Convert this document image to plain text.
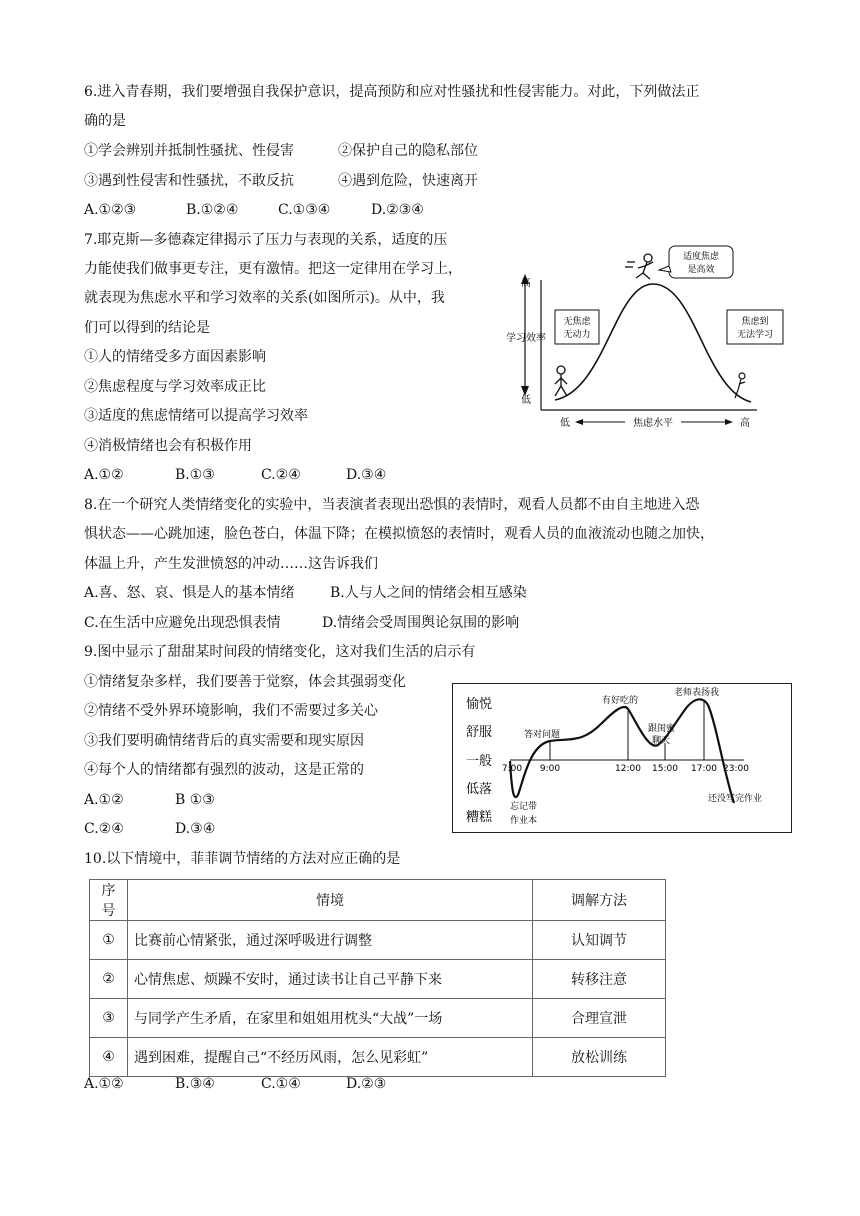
6.进入青春期，我们要增强自我保护意识，提高预防和应对性骚扰和性侵害能力。对此，下列做法正
确的是
①学会辨别并抵制性骚扰、性侵害	②保护自己的隐私部位
③遇到性侵害和性骚扰，不敢反抗	④遇到危险，快速离开
A.①②③	B.①②④	C.①③④	D.②③④
7.耶克斯—多德森定律揭示了压力与表现的关系，适度的压
力能使我们做事更专注，更有激情。把这一定律用在学习上，
就表现为焦虑水平和学习效率的关系(如图所示)。从中，我
们可以得到的结论是
①人的情绪受多方面因素影响
②焦虑程度与学习效率成正比
③适度的焦虑情绪可以提高学习效率
④消极情绪也会有积极作用
A.①②	B.①③	C.②④	D.③④
高
学习效率
低
低	焦虑水平	高
无焦虑
无动力
焦虑到
无法学习
适度焦虑
是高效
8.在一个研究人类情绪变化的实验中，当表演者表现出恐惧的表情时，观看人员都不由自主地进入恐
惧状态——心跳加速，脸色苍白，体温下降；在模拟愤怒的表情时，观看人员的血液流动也随之加快，
体温上升，产生发泄愤怒的冲动……这告诉我们
A.喜、怒、哀、惧是人的基本情绪	B.人与人之间的情绪会相互感染
C.在生活中应避免出现恐惧表情	D.情绪会受周围舆论氛围的影响
9.图中显示了甜甜某时间段的情绪变化，这对我们生活的启示有
①情绪复杂多样，我们要善于觉察，体会其强弱变化
②情绪不受外界环境影响，我们不需要过多关心
③我们要明确情绪背后的真实需要和现实原因
④每个人的情绪都有强烈的波动，这是正常的
A.①②	B ①③
C.②④	D.③④
愉悦
舒服
一般
低落
糟糕
7:00 9:00	12:00 15:00 17:00 23:00
忘记带
作业本
答对问题
有好吃的
跟闺蜜
聊天
老师表扬我
还没写完作业
10.以下情境中，菲菲调节情绪的方法对应正确的是
序号	情境	调解方法
①	比赛前心情紧张，通过深呼吸进行调整	认知调节
②	心情焦虑、烦躁不安时，通过读书让自己平静下来	转移注意
③	与同学产生矛盾，在家里和姐姐用枕头“大战”一场	合理宣泄
④	遇到困难，提醒自己“不经历风雨，怎么见彩虹”	放松训练
A.①②	B.③④	C.①④	D.②③
